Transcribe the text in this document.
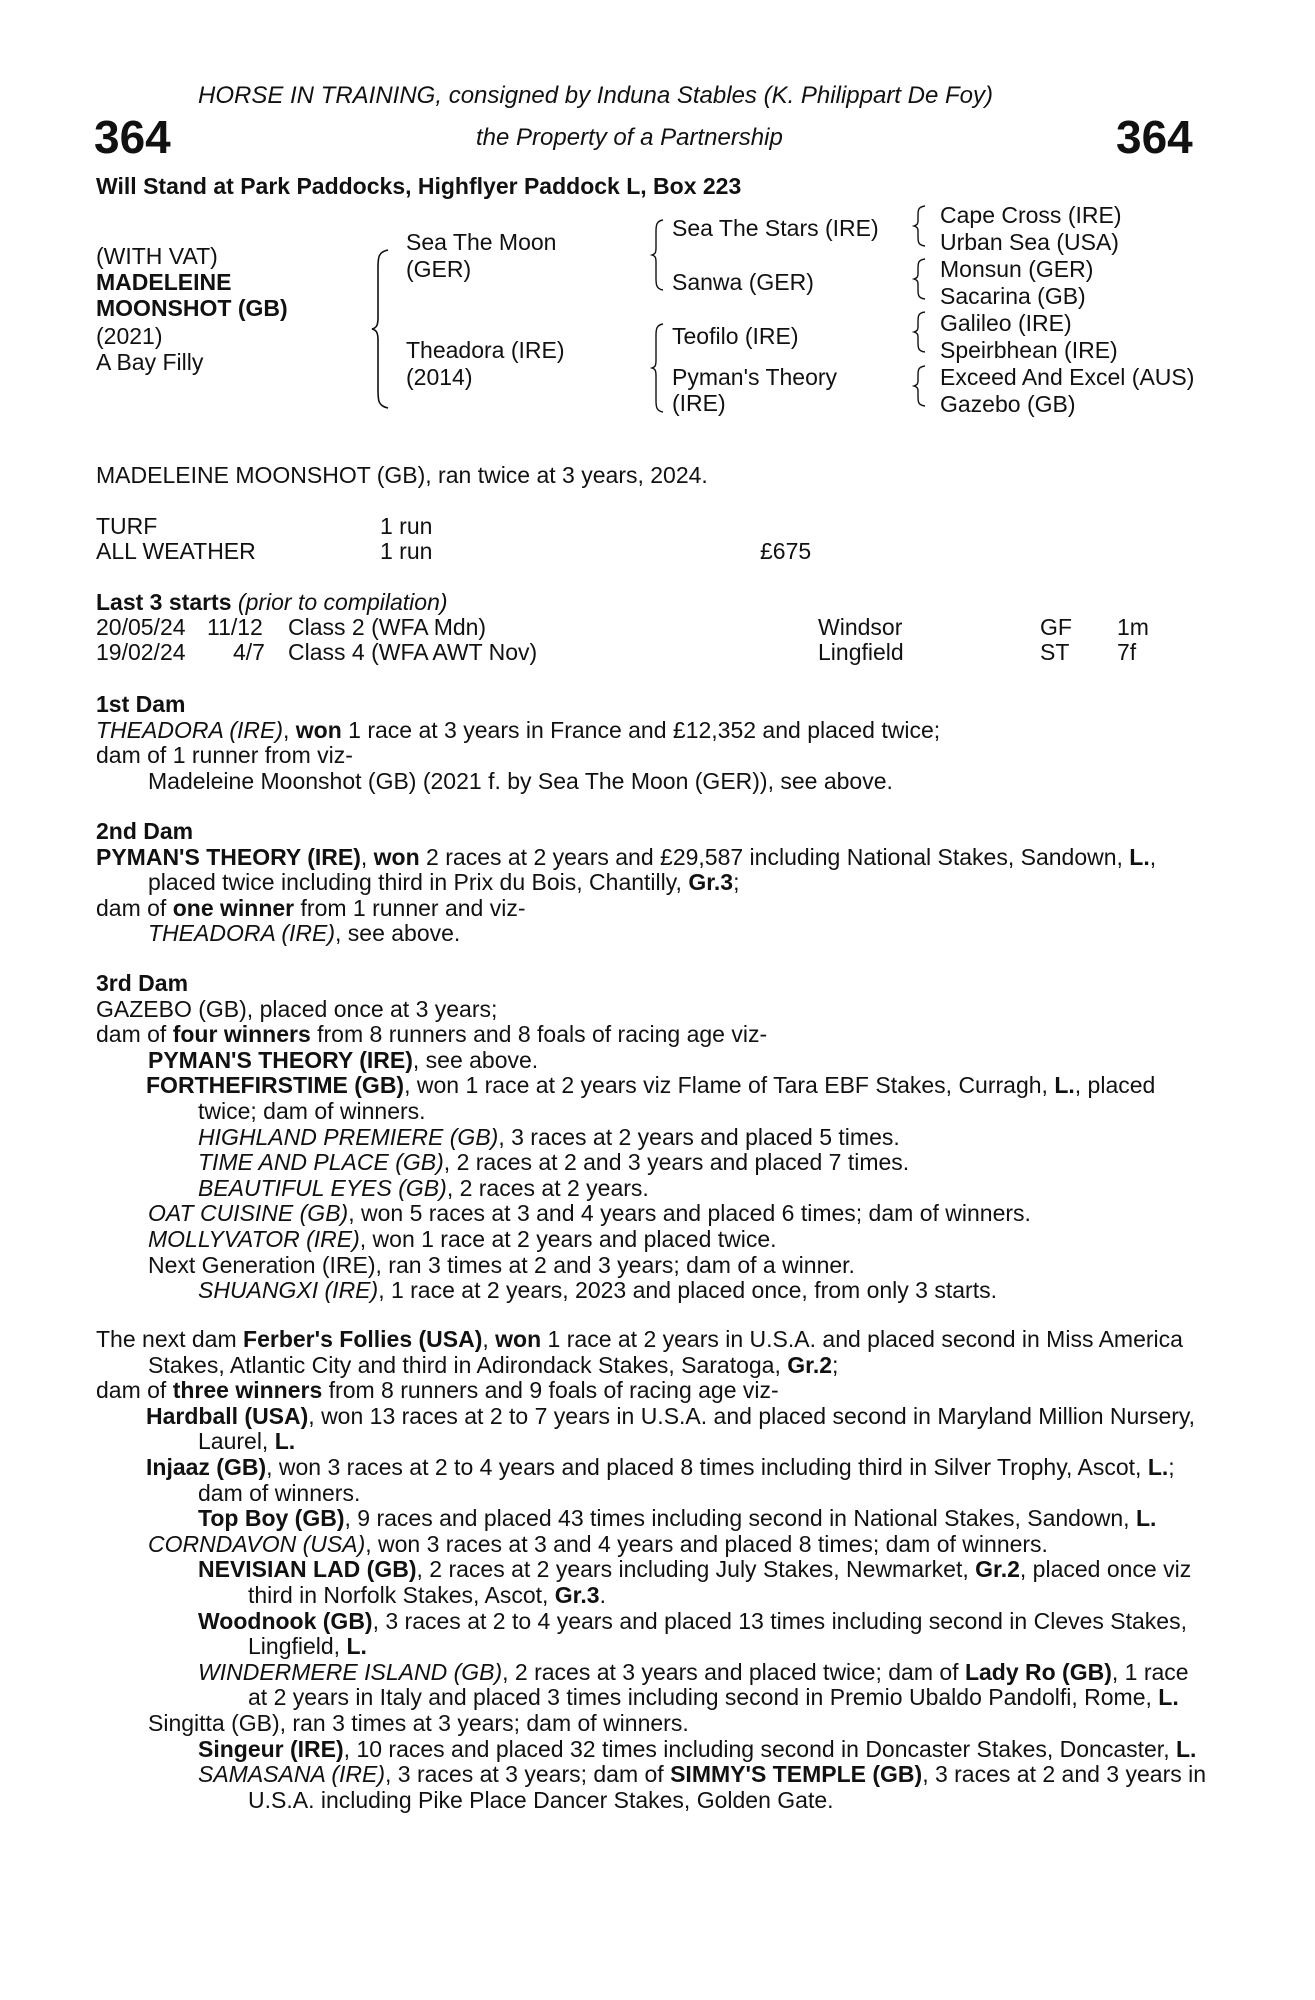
HORSE IN TRAINING, consigned by Induna Stables (K. Philippart De Foy)
the Property of a Partnership
364	364
Will Stand at Park Paddocks, Highflyer Paddock L, Box 223
(WITH VAT)
MADELEINE
MOONSHOT (GB)
(2021)
A Bay Filly
Sea The Moon
(GER)
Theadora (IRE)
(2014)
Sea The Stars (IRE)
Sanwa (GER)
Teofilo (IRE)
Pyman's Theory
(IRE)
Cape Cross (IRE)
Urban Sea (USA)
Monsun (GER)
Sacarina (GB)
Galileo (IRE)
Speirbhean (IRE)
Exceed And Excel (AUS)
Gazebo (GB)
MADELEINE MOONSHOT (GB), ran twice at 3 years, 2024.
TURF	1 run
ALL WEATHER	1 run	£675
Last 3 starts (prior to compilation)
20/05/24 11/12 Class 2 (WFA Mdn)	Windsor	GF 1m
19/02/24 4/7 Class 4 (WFA AWT Nov)	Lingfield	ST 7f

1st Dam

THEADORA (IRE), won 1 race at 3 years in France and £12,352 and placed twice;

dam of 1 runner from viz-

Madeleine Moonshot (GB) (2021 f. by Sea The Moon (GER)), see above.

2nd Dam

PYMAN'S THEORY (IRE), won 2 races at 2 years and £29,587 including National Stakes, Sandown, L., placed twice including third in Prix du Bois, Chantilly, Gr.3;

dam of one winner from 1 runner and viz-

THEADORA (IRE), see above.

3rd Dam

GAZEBO (GB), placed once at 3 years;

dam of four winners from 8 runners and 8 foals of racing age viz-

PYMAN'S THEORY (IRE), see above.

FORTHEFIRSTIME (GB), won 1 race at 2 years viz Flame of Tara EBF Stakes, Curragh, L., placed twice; dam of winners.

HIGHLAND PREMIERE (GB), 3 races at 2 years and placed 5 times.

TIME AND PLACE (GB), 2 races at 2 and 3 years and placed 7 times.

BEAUTIFUL EYES (GB), 2 races at 2 years.

OAT CUISINE (GB), won 5 races at 3 and 4 years and placed 6 times; dam of winners.

MOLLYVATOR (IRE), won 1 race at 2 years and placed twice.

Next Generation (IRE), ran 3 times at 2 and 3 years; dam of a winner.

SHUANGXI (IRE), 1 race at 2 years, 2023 and placed once, from only 3 starts.

The next dam Ferber's Follies (USA), won 1 race at 2 years in U.S.A. and placed second in Miss America Stakes, Atlantic City and third in Adirondack Stakes, Saratoga, Gr.2;

dam of three winners from 8 runners and 9 foals of racing age viz-

Hardball (USA), won 13 races at 2 to 7 years in U.S.A. and placed second in Maryland Million Nursery, Laurel, L.

Injaaz (GB), won 3 races at 2 to 4 years and placed 8 times including third in Silver Trophy, Ascot, L.; dam of winners.

Top Boy (GB), 9 races and placed 43 times including second in National Stakes, Sandown, L.

CORNDAVON (USA), won 3 races at 3 and 4 years and placed 8 times; dam of winners.

NEVISIAN LAD (GB), 2 races at 2 years including July Stakes, Newmarket, Gr.2, placed once viz third in Norfolk Stakes, Ascot, Gr.3.

Woodnook (GB), 3 races at 2 to 4 years and placed 13 times including second in Cleves Stakes, Lingfield, L.

WINDERMERE ISLAND (GB), 2 races at 3 years and placed twice; dam of Lady Ro (GB), 1 race at 2 years in Italy and placed 3 times including second in Premio Ubaldo Pandolfi, Rome, L.

Singitta (GB), ran 3 times at 3 years; dam of winners.

Singeur (IRE), 10 races and placed 32 times including second in Doncaster Stakes, Doncaster, L.

SAMASANA (IRE), 3 races at 3 years; dam of SIMMY'S TEMPLE (GB), 3 races at 2 and 3 years in U.S.A. including Pike Place Dancer Stakes, Golden Gate.
